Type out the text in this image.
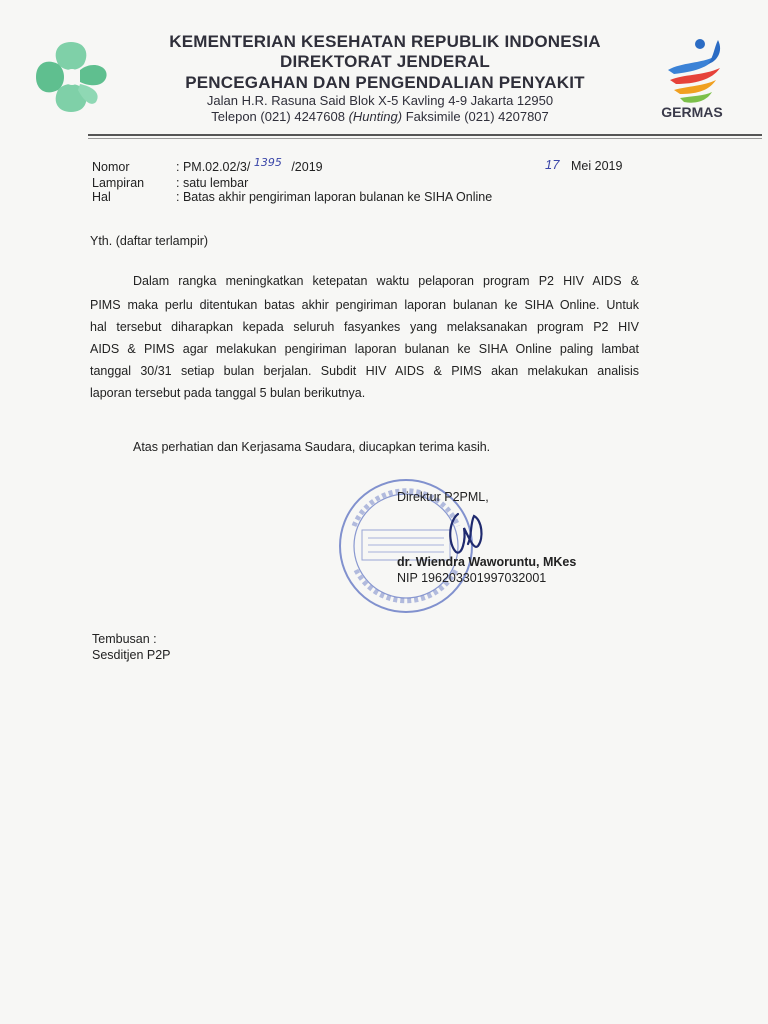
KEMENTERIAN KESEHATAN REPUBLIK INDONESIA
DIREKTORAT JENDERAL
PENCEGAHAN DAN PENGENDALIAN PENYAKIT
Jalan H.R. Rasuna Said Blok X-5 Kavling 4-9 Jakarta 12950
Telepon (021) 4247608 (Hunting) Faksimile (021) 4207807	GERMAS
Nomor	: PM.02.02/3/ 1395 /2019	17 Mei 2019
Lampiran	: satu lembar
Hal	: Batas akhir pengiriman laporan bulanan ke SIHA Online
Yth. (daftar terlampir)
Dalam rangka meningkatkan ketepatan waktu pelaporan program P2 HIV AIDS &
PIMS maka perlu ditentukan batas akhir pengiriman laporan bulanan ke SIHA Online. Untuk
hal tersebut diharapkan kepada seluruh fasyankes yang melaksanakan program P2 HIV
AIDS & PIMS agar melakukan pengiriman laporan bulanan ke SIHA Online paling lambat
tanggal 30/31 setiap bulan berjalan. Subdit HIV AIDS & PIMS akan melakukan analisis
laporan tersebut pada tanggal 5 bulan berikutnya.
Atas perhatian dan Kerjasama Saudara, diucapkan terima kasih.
Direktur P2PML,
dr. Wiendra Waworuntu, MKes
NIP 196203301997032001
Tembusan :
Sesditjen P2P
